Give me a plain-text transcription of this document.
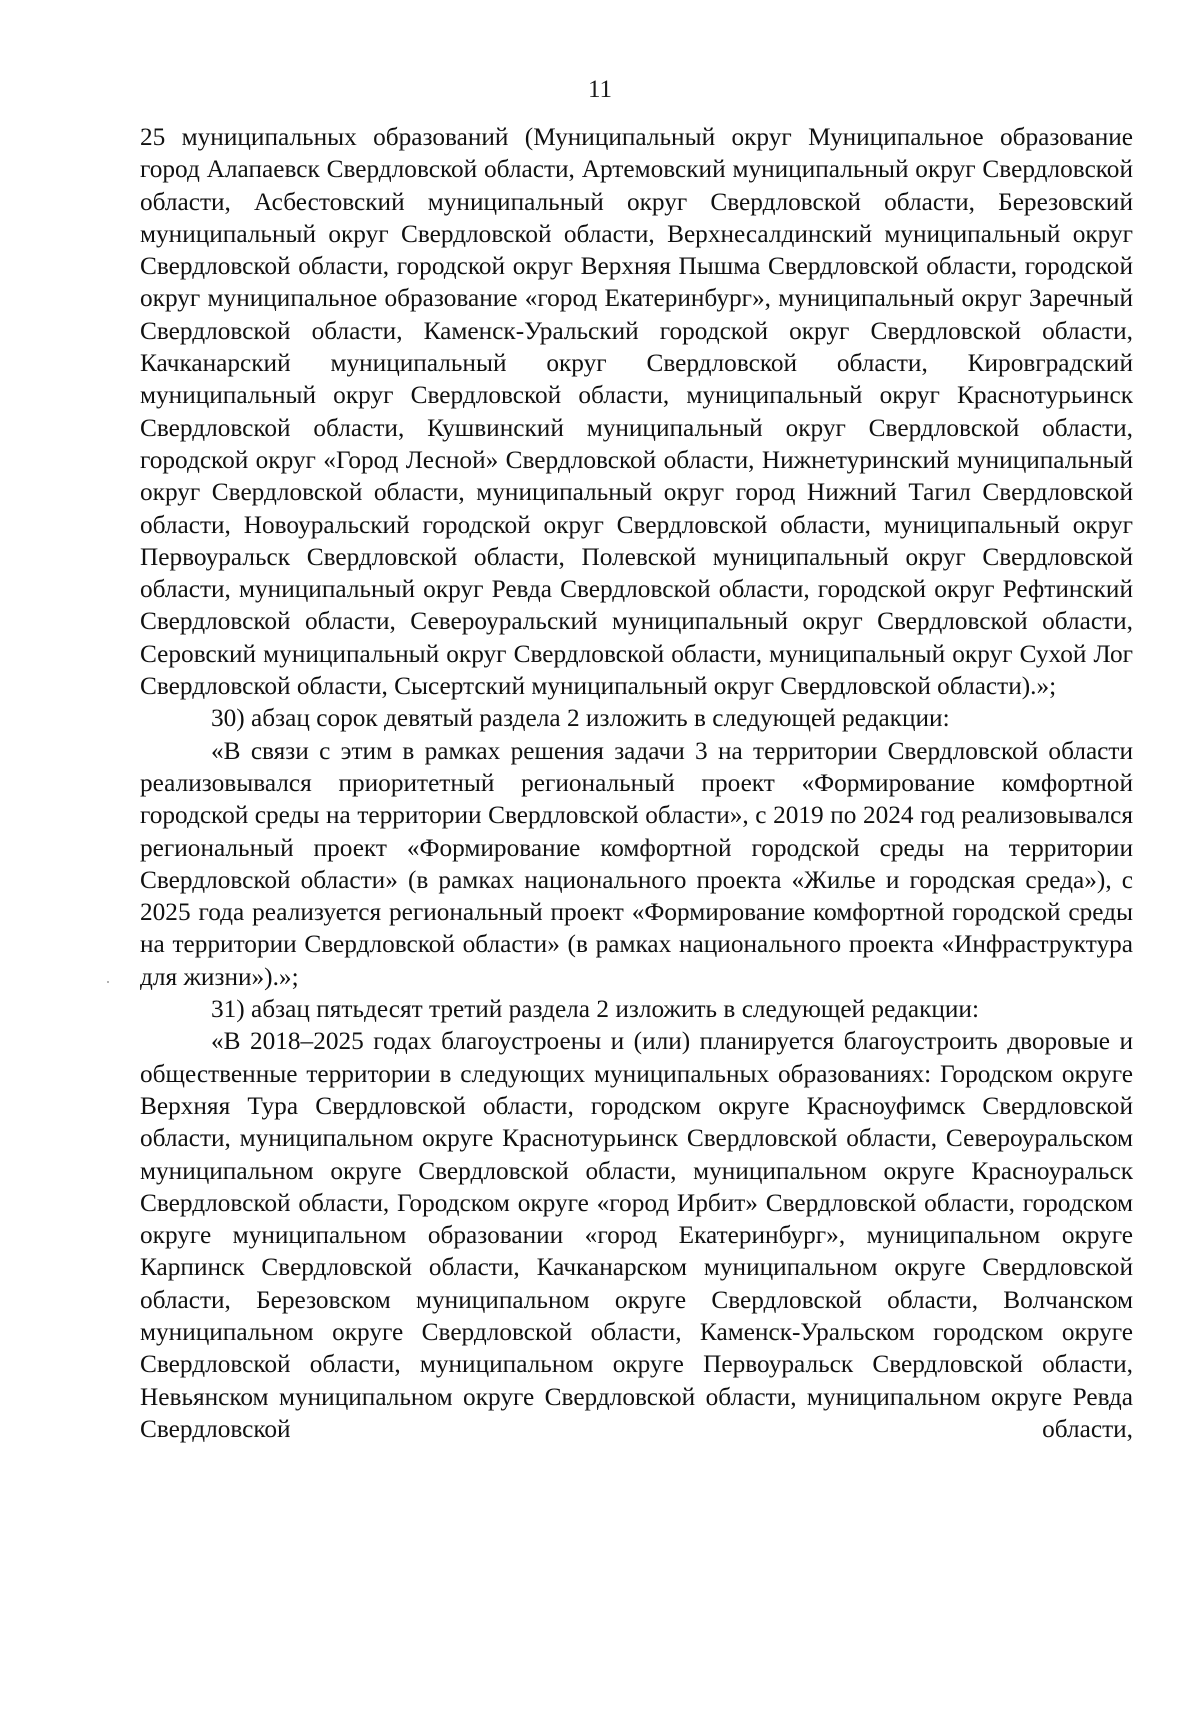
11

25 муниципальных образований (Муниципальный округ Муниципальное образование город Алапаевск Свердловской области, Артемовский муниципальный округ Свердловской области, Асбестовский муниципальный округ Свердловской области, Березовский муниципальный округ Свердловской области, Верхнесалдинский муниципальный округ Свердловской области, городской округ Верхняя Пышма Свердловской области, городской округ муниципальное образование «город Екатеринбург», муниципальный округ Заречный Свердловской области, Каменск-Уральский городской округ Свердловской области, Качканарский муниципальный округ Свердловской области, Кировградский муниципальный округ Свердловской области, муниципальный округ Краснотурьинск Свердловской области, Кушвинский муниципальный округ Свердловской области, городской округ «Город Лесной» Свердловской области, Нижнетуринский муниципальный округ Свердловской области, муниципальный округ город Нижний Тагил Свердловской области, Новоуральский городской округ Свердловской области, муниципальный округ Первоуральск Свердловской области, Полевской муниципальный округ Свердловской области, муниципальный округ Ревда Свердловской области, городской округ Рефтинский Свердловской области, Североуральский муниципальный округ Свердловской области, Серовский муниципальный округ Свердловской области, муниципальный округ Сухой Лог Свердловской области, Сысертский муниципальный округ Свердловской области).»;

30) абзац сорок девятый раздела 2 изложить в следующей редакции:

«В связи с этим в рамках решения задачи 3 на территории Свердловской области реализовывался приоритетный региональный проект «Формирование комфортной городской среды на территории Свердловской области», с 2019 по 2024 год реализовывался региональный проект «Формирование комфортной городской среды на территории Свердловской области» (в рамках национального проекта «Жилье и городская среда»), с 2025 года реализуется региональный проект «Формирование комфортной городской среды на территории Свердловской области» (в рамках национального проекта «Инфраструктура для жизни»).»;

31) абзац пятьдесят третий раздела 2 изложить в следующей редакции:

«В 2018–2025 годах благоустроены и (или) планируется благоустроить дворовые и общественные территории в следующих муниципальных образованиях: Городском округе Верхняя Тура Свердловской области, городском округе Красноуфимск Свердловской области, муниципальном округе Краснотурьинск Свердловской области, Североуральском муниципальном округе Свердловской области, муниципальном округе Красноуральск Свердловской области, Городском округе «город Ирбит» Свердловской области, городском округе муниципальном образовании «город Екатеринбург», муниципальном округе Карпинск Свердловской области, Качканарском муниципальном округе Свердловской области, Березовском муниципальном округе Свердловской области, Волчанском муниципальном округе Свердловской области, Каменск-Уральском городском округе Свердловской области, муниципальном округе Первоуральск Свердловской области, Невьянском муниципальном округе Свердловской области, муниципальном округе Ревда Свердловской области,
